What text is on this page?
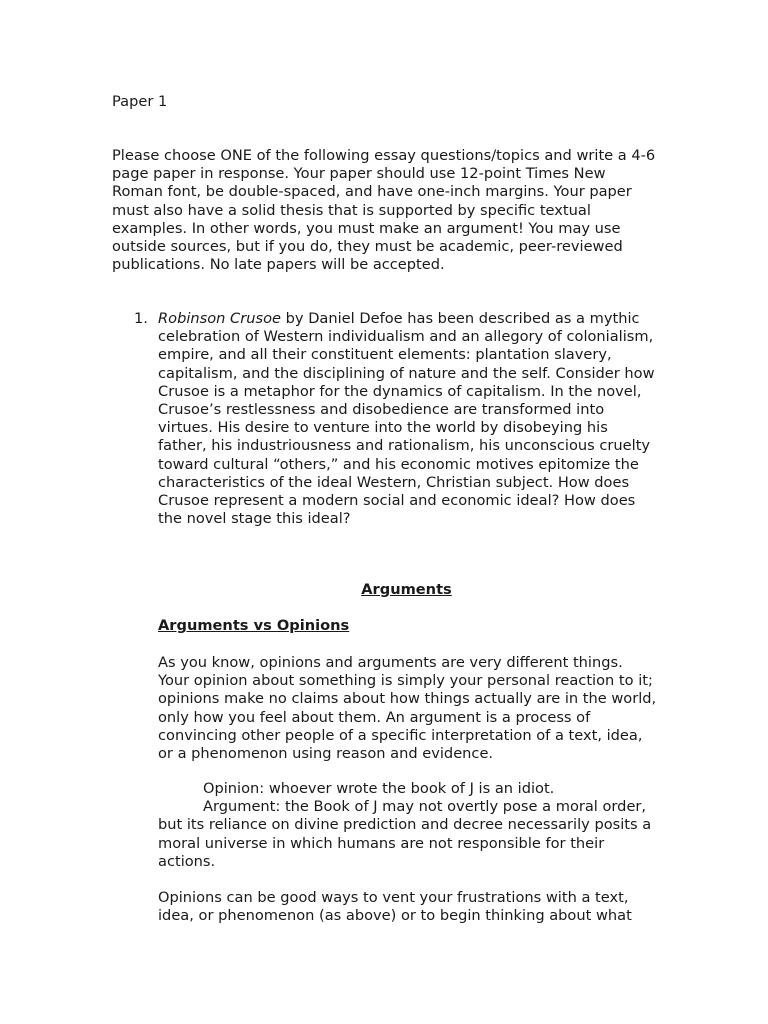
Paper 1

Please choose ONE of the following essay questions/topics and write a 4-6 page paper in response. Your paper should use 12-point Times New Roman font, be double-spaced, and have one-inch margins. Your paper must also have a solid thesis that is supported by specific textual examples. In other words, you must make an argument! You may use outside sources, but if you do, they must be academic, peer-reviewed publications. No late papers will be accepted.

1. Robinson Crusoe by Daniel Defoe has been described as a mythic celebration of Western individualism and an allegory of colonialism, empire, and all their constituent elements: plantation slavery, capitalism, and the disciplining of nature and the self. Consider how Crusoe is a metaphor for the dynamics of capitalism. In the novel, Crusoe’s restlessness and disobedience are transformed into virtues. His desire to venture into the world by disobeying his father, his industriousness and rationalism, his unconscious cruelty toward cultural “others,” and his economic motives epitomize the characteristics of the ideal Western, Christian subject. How does Crusoe represent a modern social and economic ideal? How does the novel stage this ideal?
Arguments
Arguments vs Opinions

As you know, opinions and arguments are very different things. Your opinion about something is simply your personal reaction to it; opinions make no claims about how things actually are in the world, only how you feel about them. An argument is a process of convincing other people of a specific interpretation of a text, idea, or a phenomenon using reason and evidence.

Opinion: whoever wrote the book of J is an idiot.
Argument: the Book of J may not overtly pose a moral order, but its reliance on divine prediction and decree necessarily posits a moral universe in which humans are not responsible for their actions.

Opinions can be good ways to vent your frustrations with a text, idea, or phenomenon (as above) or to begin thinking about what
